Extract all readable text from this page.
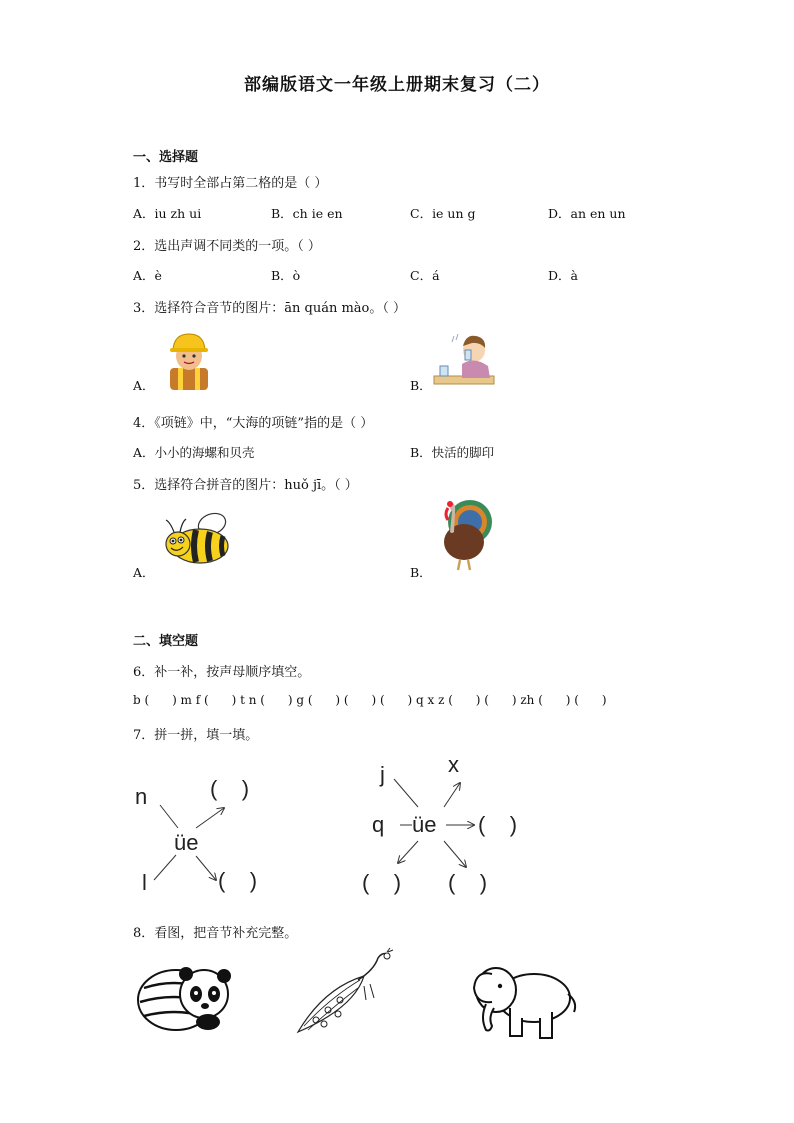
部编版语文一年级上册期末复习（二）
一、选择题
1．书写时全部占第二格的是（ ）
A．iu zh ui	B．ch ie en	C．ie un g	D．an en un
2．选出声调不同类的一项。（ ）
A．è	B．ò	C．á	D．à
3．选择符合音节的图片：ān quán mào。（ ）
A．	B．
4．《项链》中，“大海的项链”指的是（ ）
A．小小的海螺和贝壳	B．快活的脚印
5．选择符合拼音的图片：huǒ jī。（ ）
A．	B．
二、填空题
6．补一补，按声母顺序填空。
b (      ) m f (      ) t n (      ) g (      ) (      ) (      ) q x z (      ) (      ) zh (      ) (      )
7．拼一拼，填一填。
n
l
üe
(    )
(    )
j	x
q üe (    )
(    ) (    )
8．看图，把音节补充完整。
